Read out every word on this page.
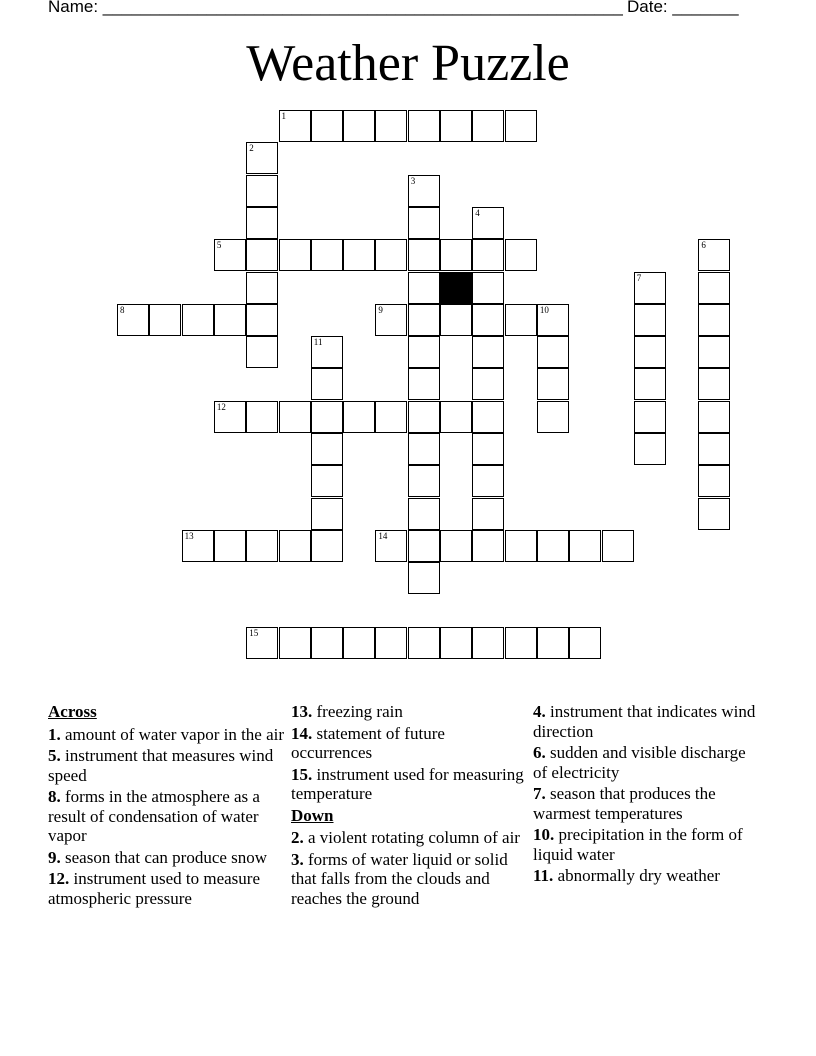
Name: _______________________________________________________ Date: _______
Weather Puzzle
1
2
3
4
5	6
7
8	9	10
11
12
13	14
15
Across
1. amount of water vapor in the air
5. instrument that measures wind speed
8. forms in the atmosphere as a result of condensation of water vapor
9. season that can produce snow
12. instrument used to measure atmospheric pressure
13. freezing rain
14. statement of future occurrences
15. instrument used for measuring temperature
Down
2. a violent rotating column of air
3. forms of water liquid or solid that falls from the clouds and reaches the ground
4. instrument that indicates wind direction
6. sudden and visible discharge of electricity
7. season that produces the warmest temperatures
10. precipitation in the form of liquid water
11. abnormally dry weather
